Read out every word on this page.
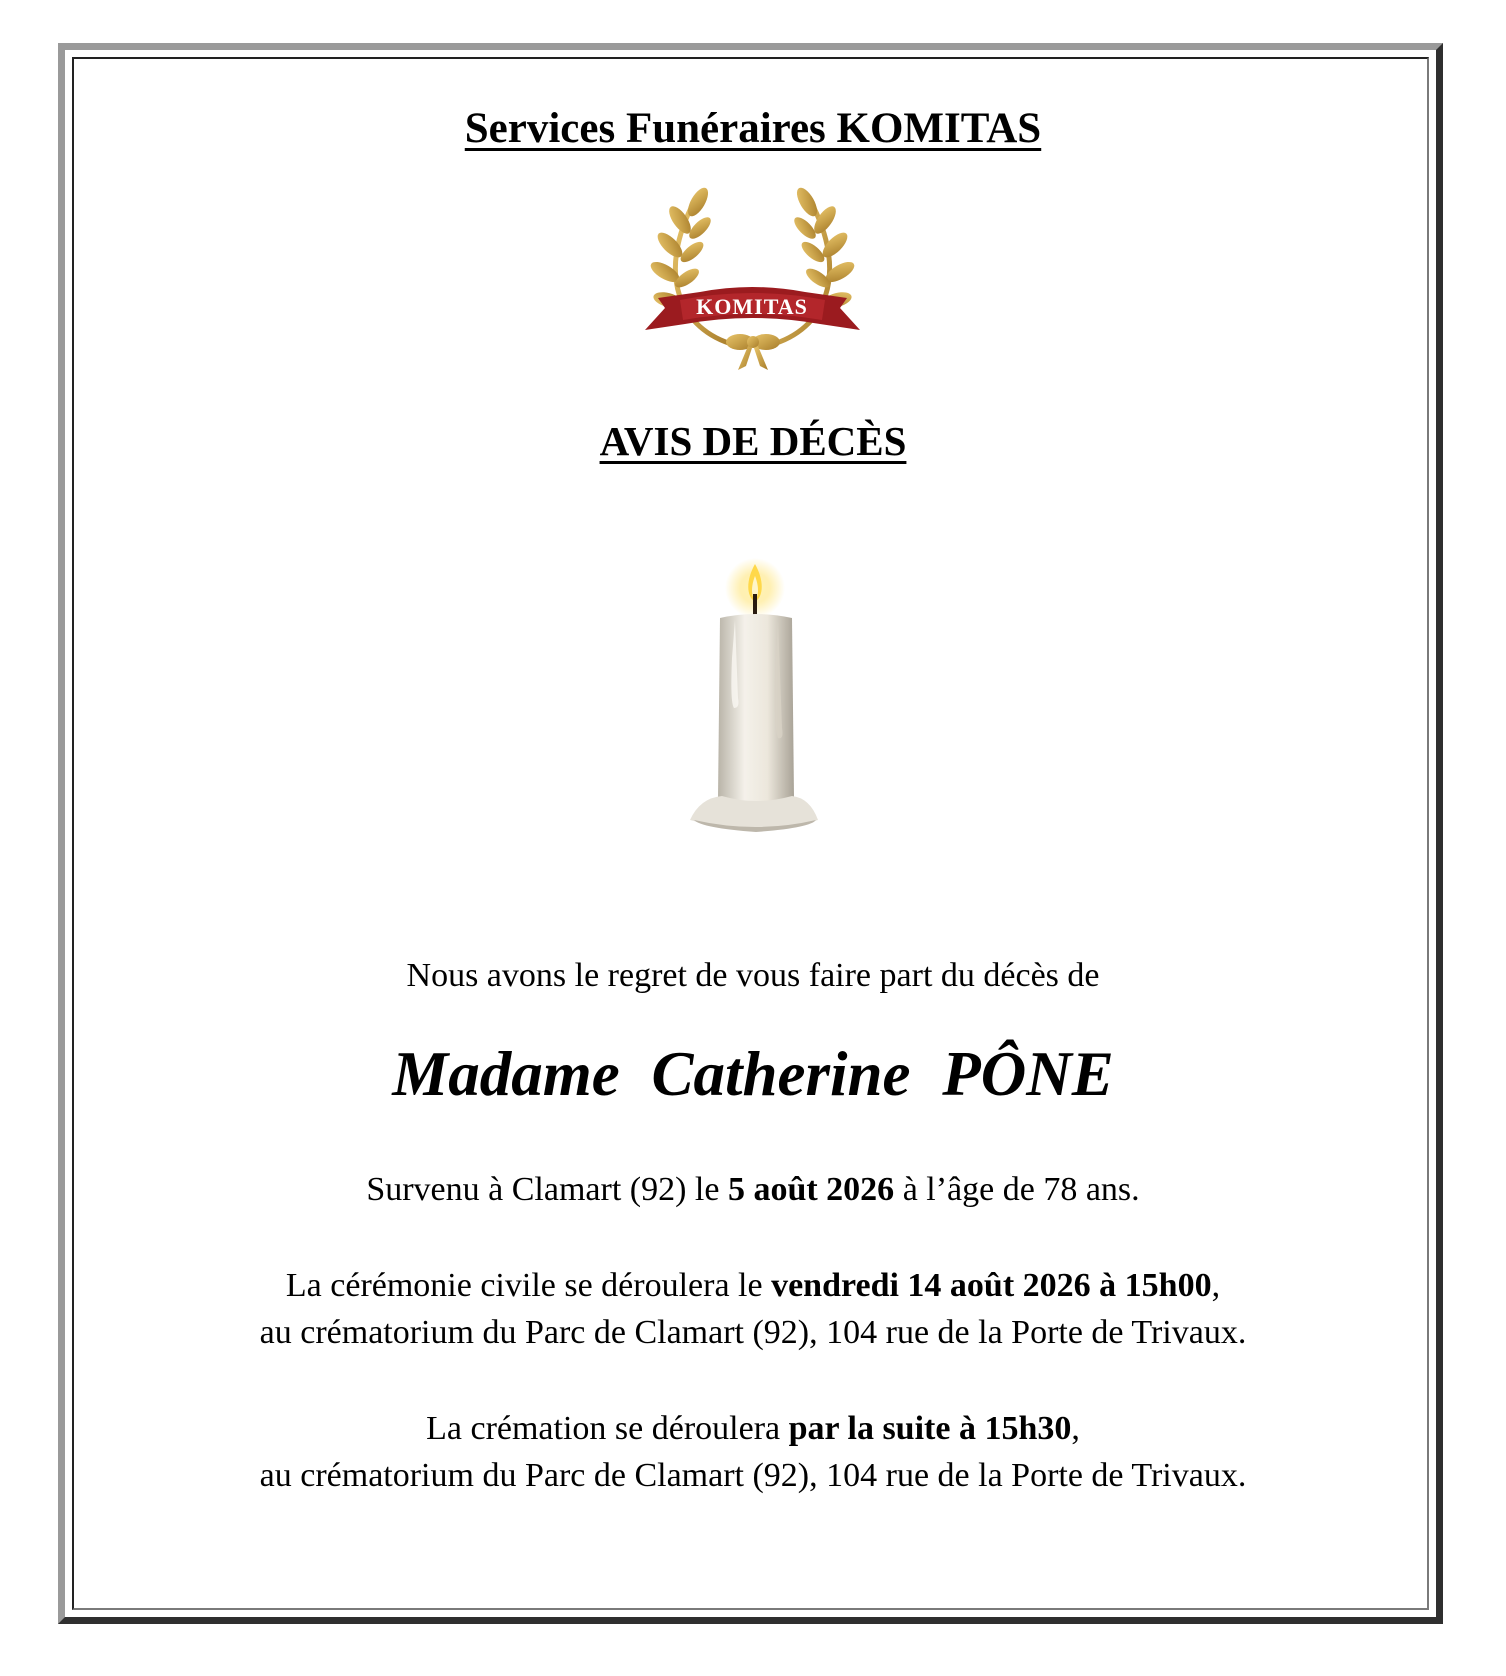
Services Funéraires KOMITAS
KOMITAS
AVIS DE DÉCÈS

Nous avons le regret de vous faire part du décès de

Madame Catherine PÔNE

Survenu à Clamart (92) le 5 août 2026 à l’âge de 78 ans.
La cérémonie civile se déroulera le vendredi 14 août 2026 à 15h00,
au crématorium du Parc de Clamart (92), 104 rue de la Porte de Trivaux.
La crémation se déroulera par la suite à 15h30,
au crématorium du Parc de Clamart (92), 104 rue de la Porte de Trivaux.
